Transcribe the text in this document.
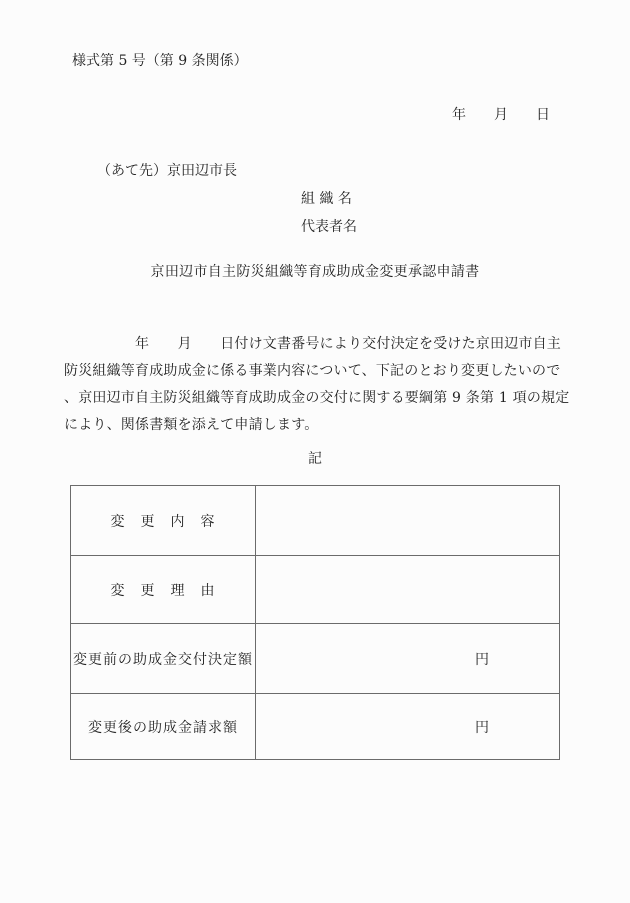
様式第 5 号（第 9 条関係）
年　　月　　日
（あて先）京田辺市長
組 織 名
代表者名
京田辺市自主防災組織等育成助成金変更承認申請書
　　　　　年　　月　　日付け文書番号により交付決定を受けた京田辺市自主
防災組織等育成助成金に係る事業内容について、下記のとおり変更したいので
、京田辺市自主防災組織等育成助成金の交付に関する要綱第 9 条第 1 項の規定
により、関係書類を添えて申請します。
記
変　更　内　容	
変　更　理　由	
変更前の助成金交付決定額	円
変更後の助成金請求額	円
